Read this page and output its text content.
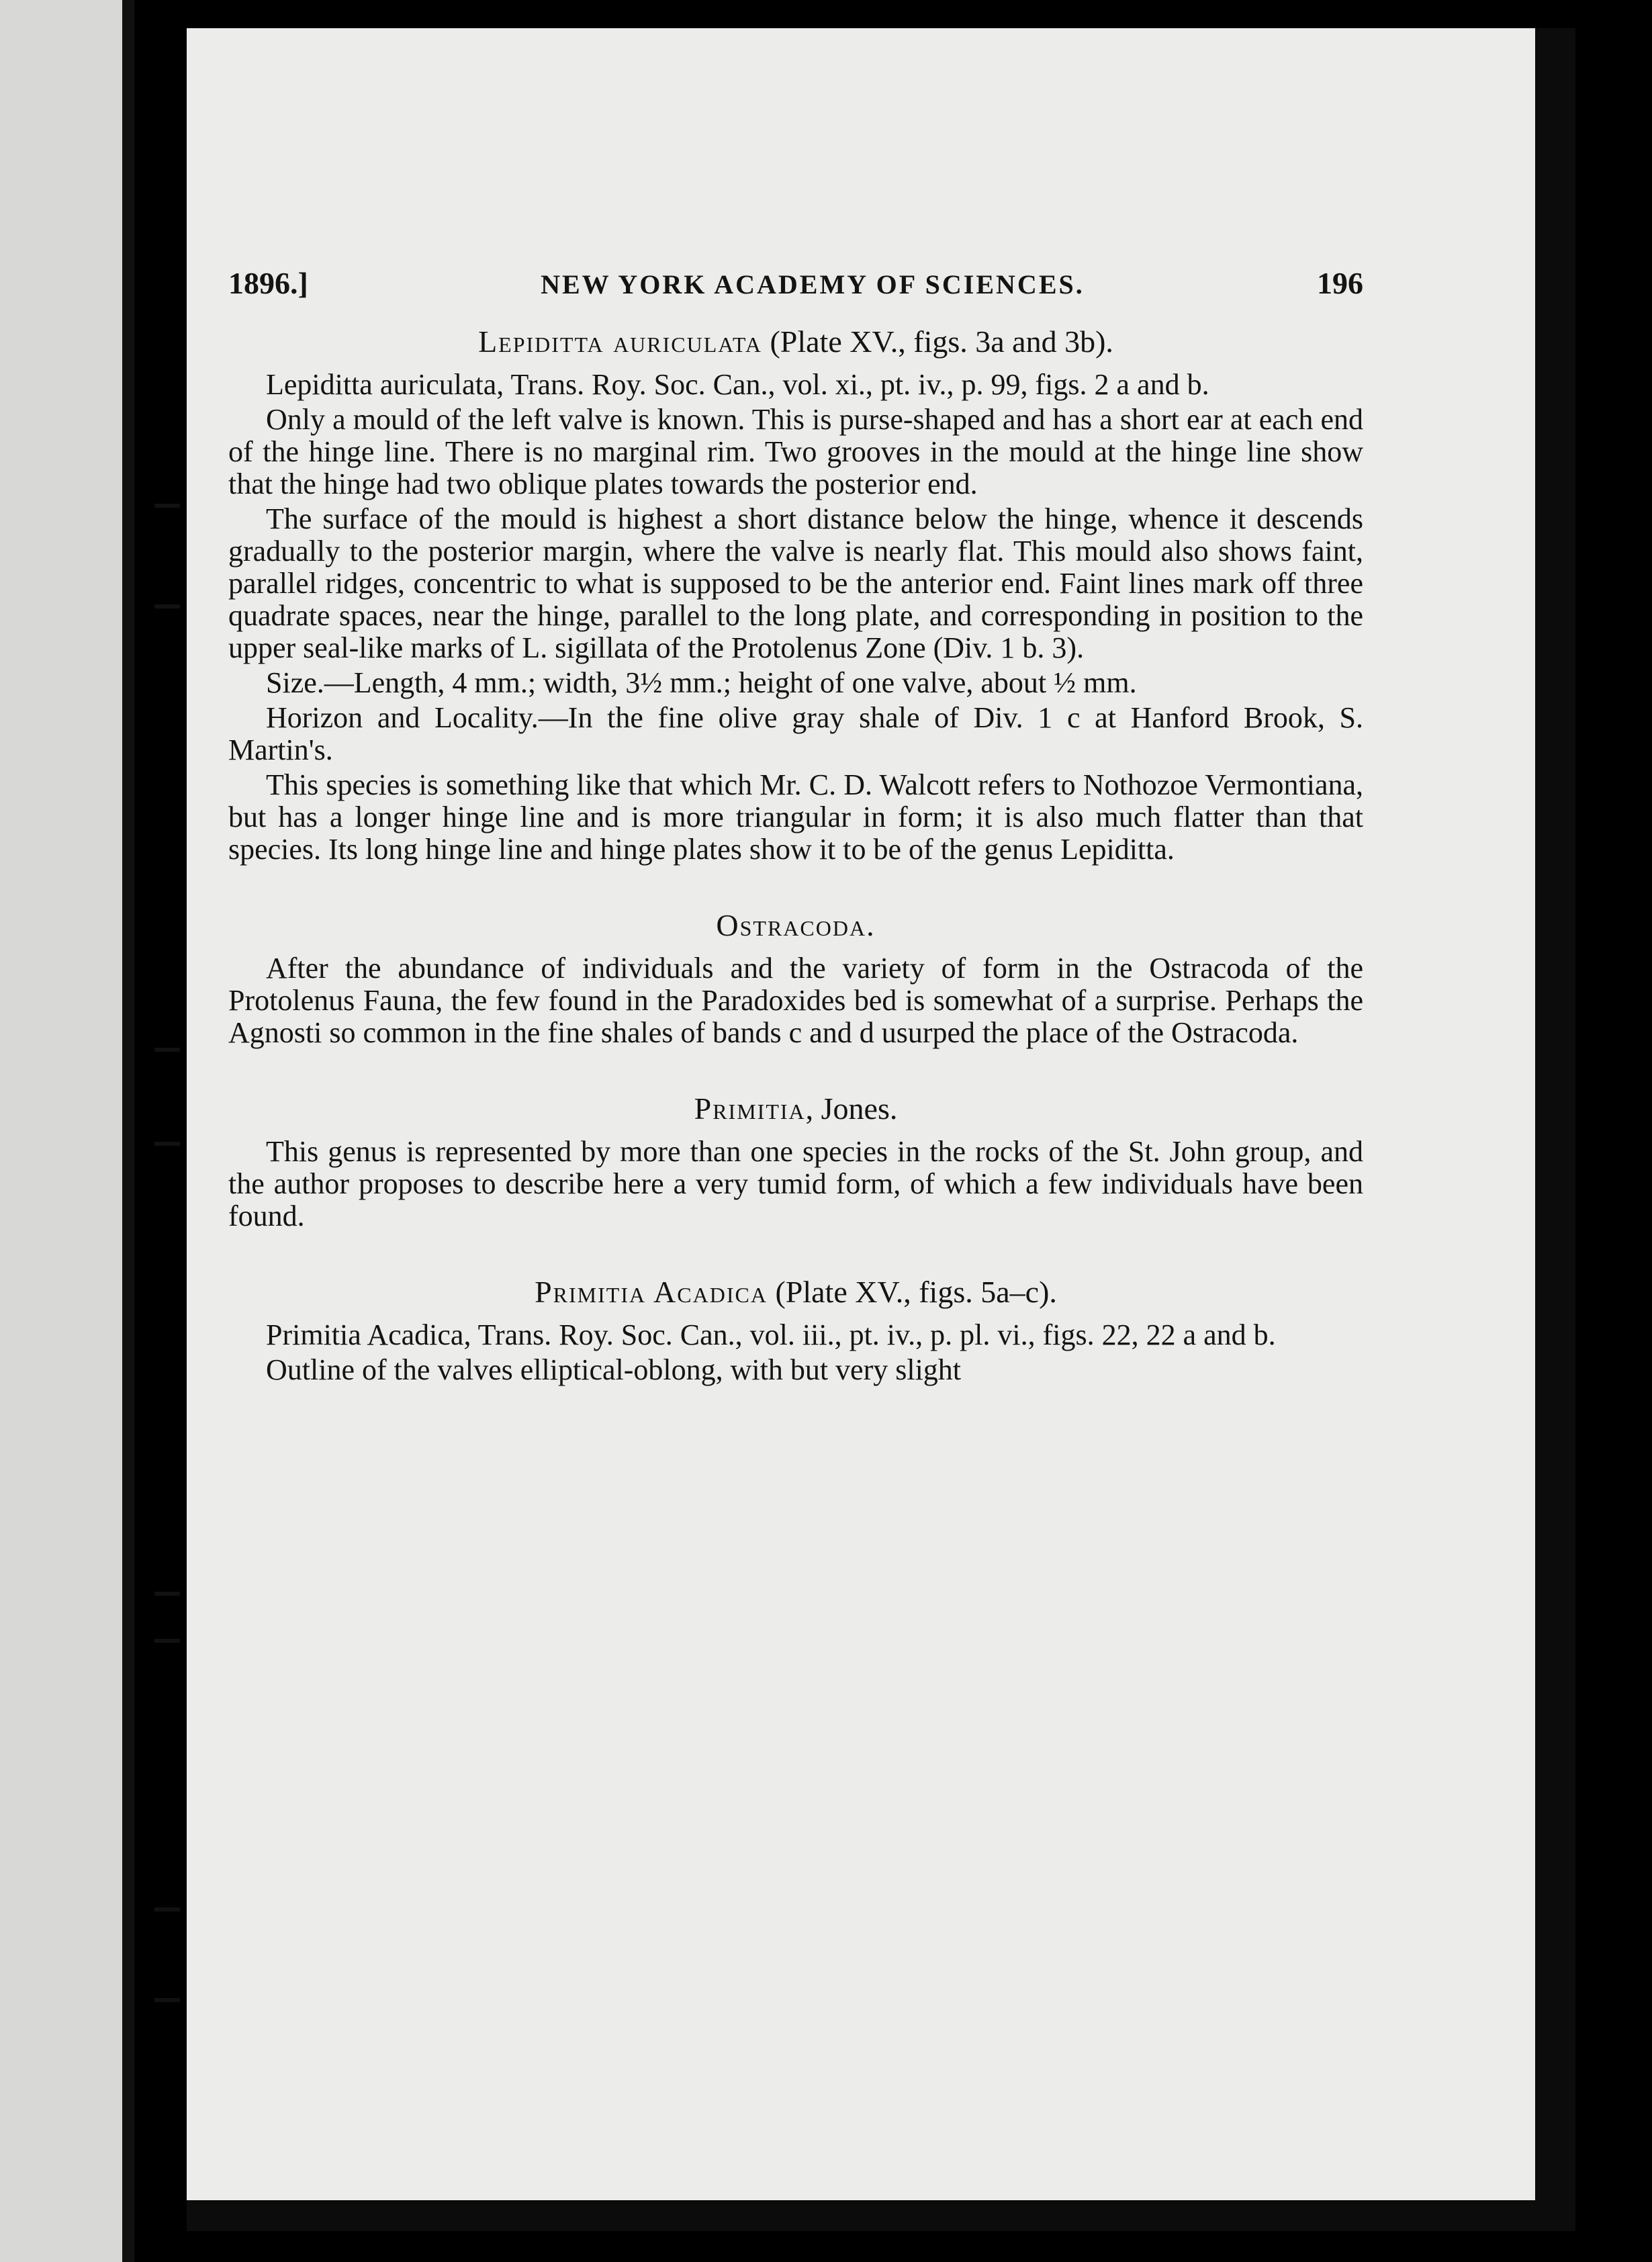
1896.]	NEW YORK ACADEMY OF SCIENCES.	196
Lepiditta auriculata (Plate XV., figs. 3a and 3b).

Lepiditta auriculata, Trans. Roy. Soc. Can., vol. xi., pt. iv., p. 99, figs. 2 a and b.

Only a mould of the left valve is known. This is purse-shaped and has a short ear at each end of the hinge line. There is no marginal rim. Two grooves in the mould at the hinge line show that the hinge had two oblique plates towards the posterior end.

The surface of the mould is highest a short distance below the hinge, whence it descends gradually to the posterior margin, where the valve is nearly flat. This mould also shows faint, parallel ridges, concentric to what is supposed to be the anterior end. Faint lines mark off three quadrate spaces, near the hinge, parallel to the long plate, and corresponding in position to the upper seal-like marks of L. sigillata of the Protolenus Zone (Div. 1 b. 3).

Size.—Length, 4 mm.; width, 3½ mm.; height of one valve, about ½ mm.

Horizon and Locality.—In the fine olive gray shale of Div. 1 c at Hanford Brook, S. Martin's.

This species is something like that which Mr. C. D. Walcott refers to Nothozoe Vermontiana, but has a longer hinge line and is more triangular in form; it is also much flatter than that species. Its long hinge line and hinge plates show it to be of the genus Lepiditta.

Ostracoda.

After the abundance of individuals and the variety of form in the Ostracoda of the Protolenus Fauna, the few found in the Paradoxides bed is somewhat of a surprise. Perhaps the Agnosti so common in the fine shales of bands c and d usurped the place of the Ostracoda.

Primitia, Jones.

This genus is represented by more than one species in the rocks of the St. John group, and the author proposes to describe here a very tumid form, of which a few individuals have been found.

Primitia Acadica (Plate XV., figs. 5a–c).

Primitia Acadica, Trans. Roy. Soc. Can., vol. iii., pt. iv., p. pl. vi., figs. 22, 22 a and b.

Outline of the valves elliptical-oblong, with but very slight
